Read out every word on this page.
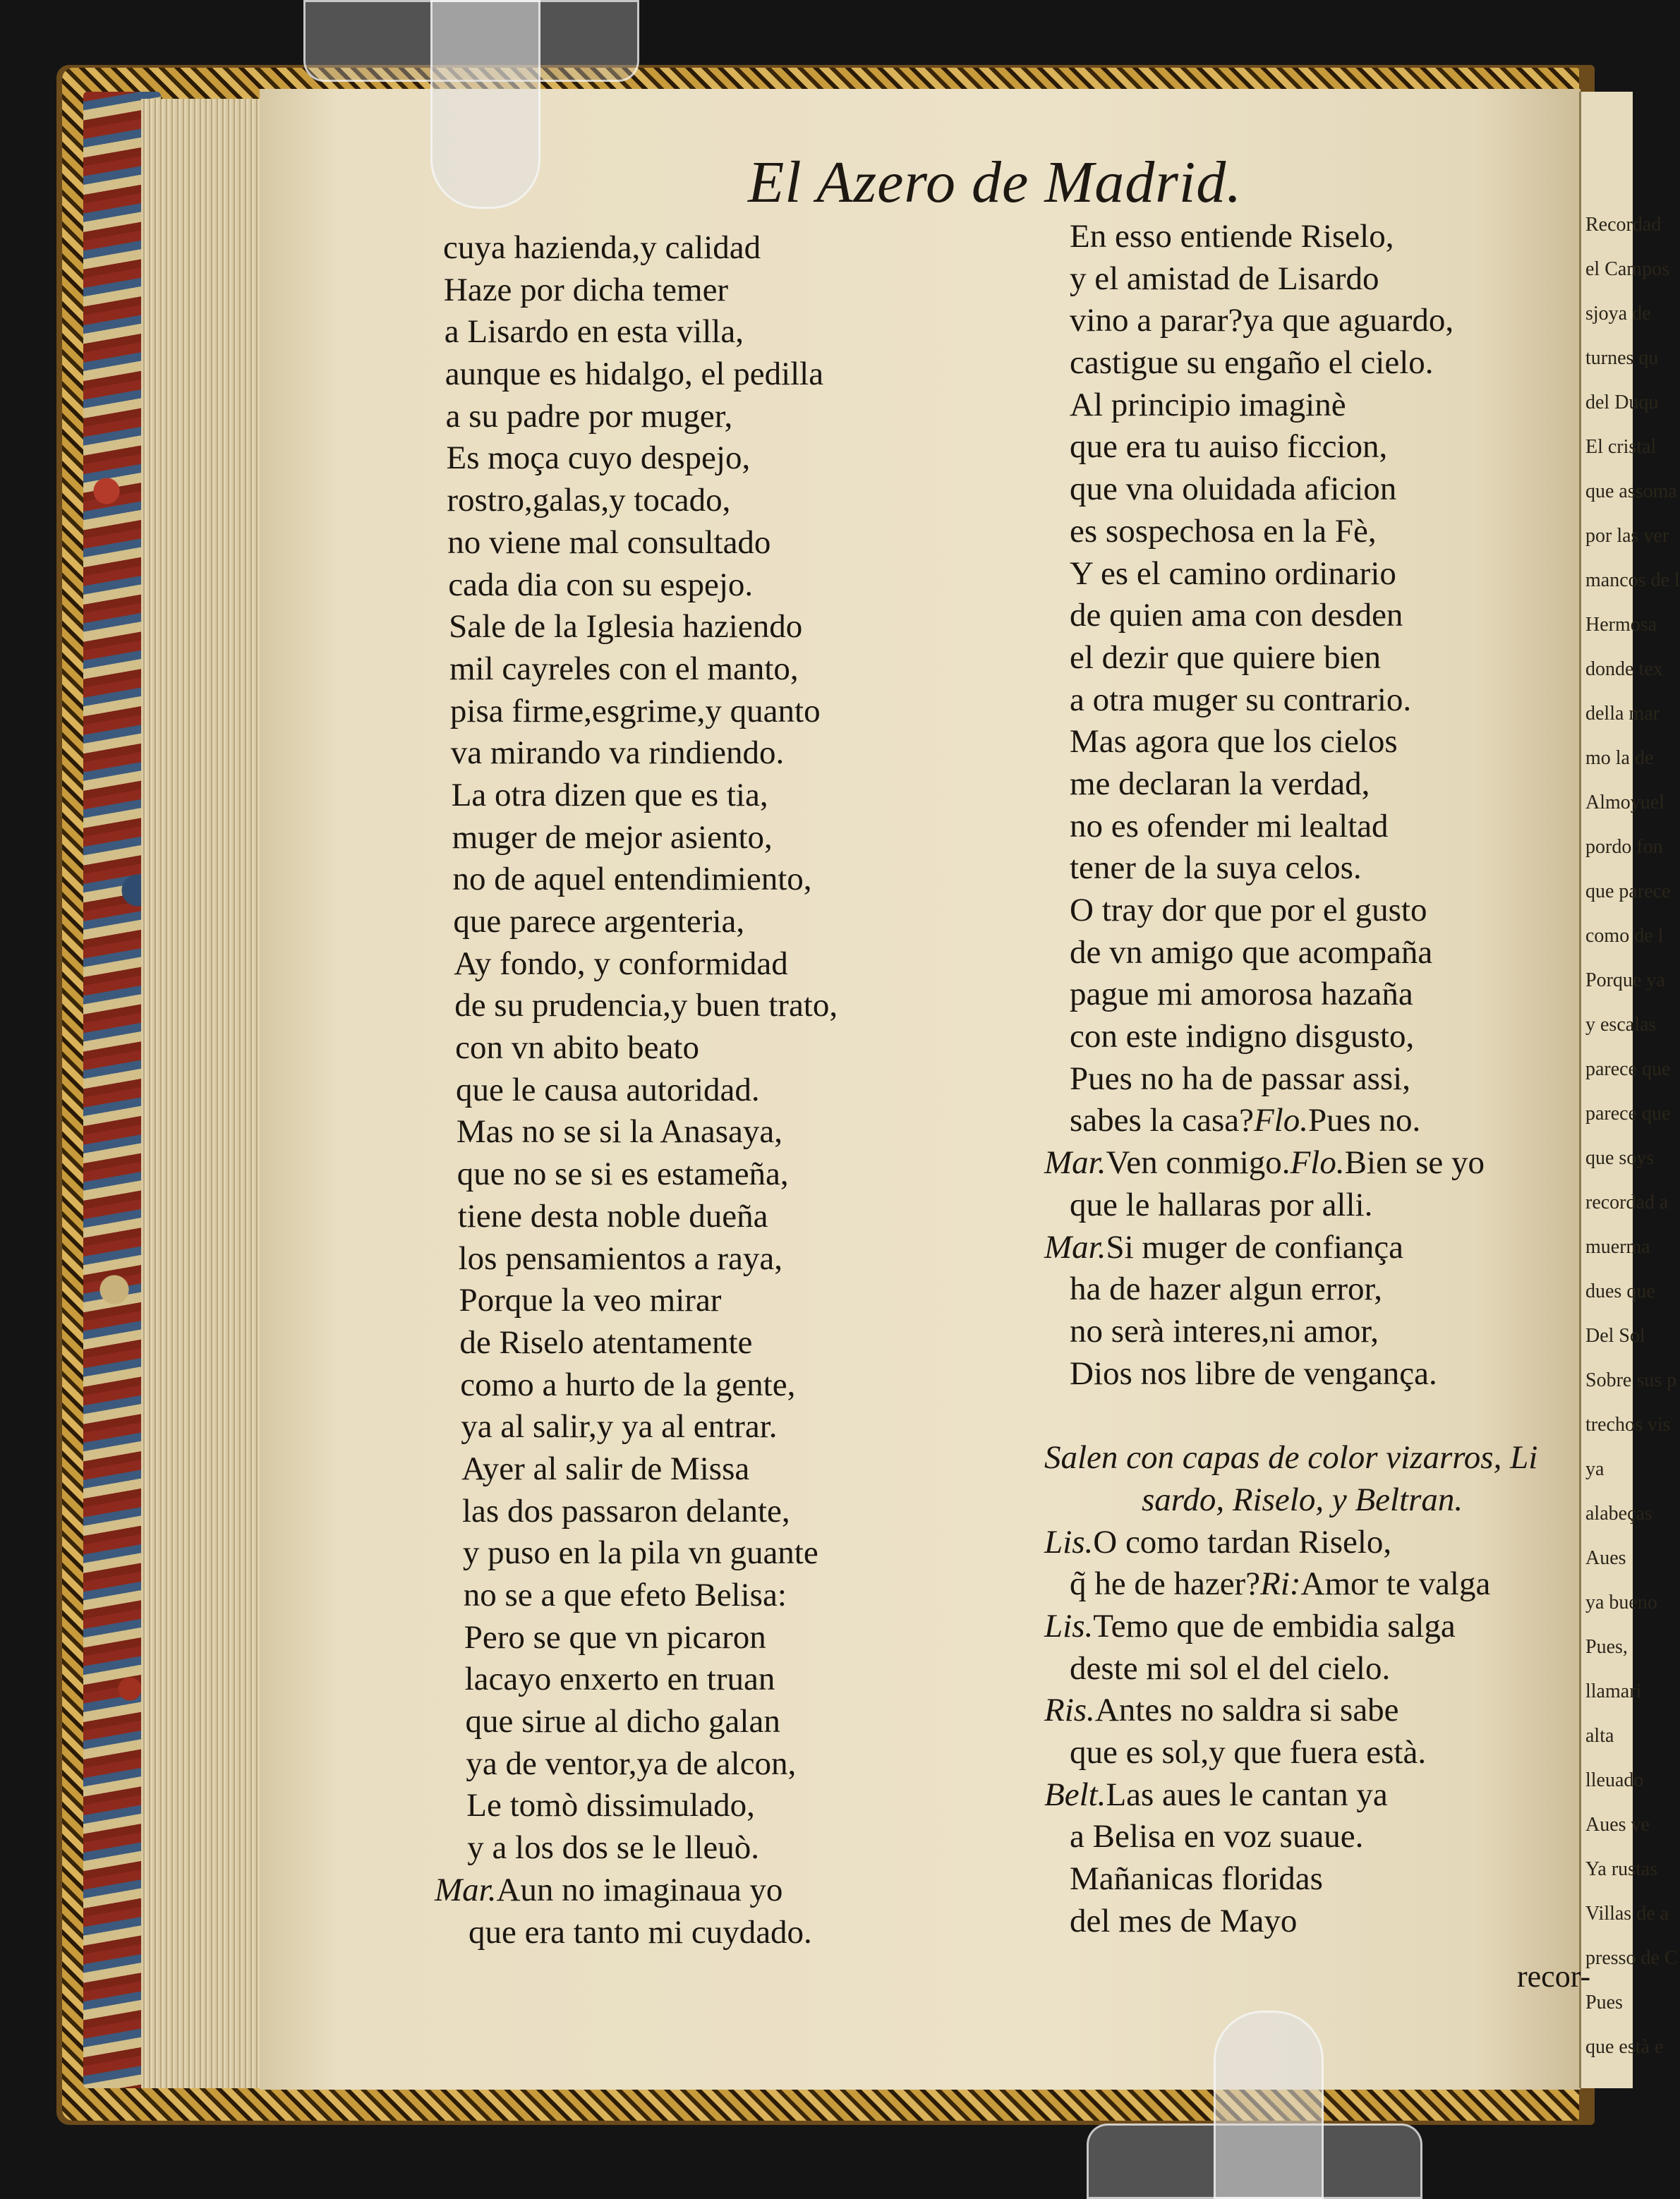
Recordad
el Campos
sjoya de
turnes qu
del Duqu
El cristal
que assoma
por las ver
mancos de l
Hermosa
donde tex
della mar
mo la de
Almoyuel
pordo fon
que parece
como de l
Porque ya
y escalas
parece que
parece que
que soys
recordad a
muerma
dues que
Del Sol
Sobre sus p
trechos vis
ya
alabeças
Aues
ya bueno
Pues,
llamari
alta
lleuado
Aues ve
Ya rustas
Villas de a
presso de C
Pues
que està e
El Azero de Madrid.
cuya hazienda,y calidad
Haze por dicha temer
a Lisardo en esta villa,
aunque es hidalgo, el pedilla
a su padre por muger,
Es moça cuyo despejo,
rostro,galas,y tocado,
no viene mal consultado
cada dia con su espejo.
Sale de la Iglesia haziendo
mil cayreles con el manto,
pisa firme,esgrime,y quanto
va mirando va rindiendo.
La otra dizen que es tia,
muger de mejor asiento,
no de aquel entendimiento,
que parece argenteria,
Ay fondo, y conformidad
de su prudencia,y buen trato,
con vn abito beato
que le causa autoridad.
Mas no se si la Anasaya,
que no se si es estameña,
tiene desta noble dueña
los pensamientos a raya,
Porque la veo mirar
de Riselo atentamente
como a hurto de la gente,
ya al salir,y ya al entrar.
Ayer al salir de Missa
las dos passaron delante,
y puso en la pila vn guante
no se a que efeto Belisa:
Pero se que vn picaron
lacayo enxerto en truan
que sirue al dicho galan
ya de ventor,ya de alcon,
Le tomò dissimulado,
y a los dos se le lleuò.
Mar.Aun no imaginaua yo
que era tanto mi cuydado.
En esso entiende Riselo,
y el amistad de Lisardo
vino a parar?ya que aguardo,
castigue su engaño el cielo.
Al principio imaginè
que era tu auiso ficcion,
que vna oluidada aficion
es sospechosa en la Fè,
Y es el camino ordinario
de quien ama con desden
el dezir que quiere bien
a otra muger su contrario.
Mas agora que los cielos
me declaran la verdad,
no es ofender mi lealtad
tener de la suya celos.
O tray dor que por el gusto
de vn amigo que acompaña
pague mi amorosa hazaña
con este indigno disgusto,
Pues no ha de passar assi,
sabes la casa?Flo.Pues no.
Mar.Ven conmigo.Flo.Bien se yo
que le hallaras por alli.
Mar.Si muger de confiança
ha de hazer algun error,
no serà interes,ni amor,
Dios nos libre de vengança.
Salen con capas de color vizarros, Li
sardo, Riselo, y Beltran.
Lis.O como tardan Riselo,
q̃ he de hazer?Ri:Amor te valga
Lis.Temo que de embidia salga
deste mi sol el del cielo.
Ris.Antes no saldra si sabe
que es sol,y que fuera està.
Belt.Las aues le cantan ya
a Belisa en voz suaue.
Mañanicas floridas
del mes de Mayo
recor-
